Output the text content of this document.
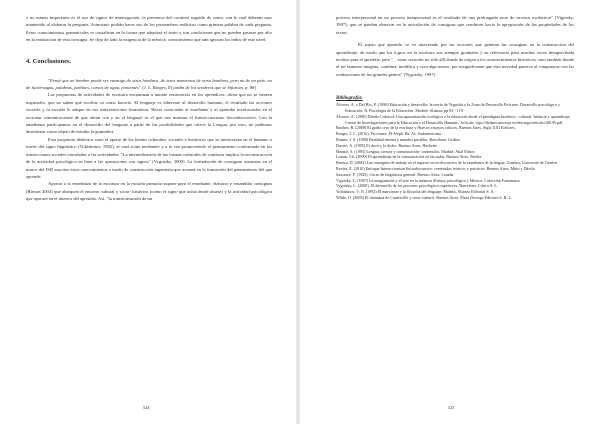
y no menos importante es el uso de signos de interrogación, la presencia del vocativo seguido de coma, con lo cual deberán usar mantenido al elaborar la pregunta. Asimismo podrán hacer uso de los pronombres enfáticos como primera palabra de cada pregunta. Estos conocimientos gramaticales se cristalizan en la forma que adoptará el texto y son condiciones que no pueden pasarse por alto en la realización de esta consigna. Se deja de lado la exigencia de la métrica, conocimiento que aún ignoran los niños de este nivel.

4. Conclusiones.

"Pensé que un hombre puede ser enemigo de otros hombres, de otros momentos de otros hombres, pero no de un país: no de luciérnagas, palabras, jardines, cursos de agua, ponientes" (J. L. Borges, El jardín de los senderos que se bifurcan, p. 88)

Las propuestas de actividades de escritura encaminan a mundo resistencias en los aprendices: dicen que no se sienten inspirados, que no saben qué escribir, ni cómo hacerlo. El lenguaje es inherente al desarrollo humano, el resultado las acciones sociales y la escuela lo adopta en sus intervenciones formativas. Hacer consciente al enseñante y al aprendiz involucrados en el accionar comunicacional de que obran con y en el lenguaje es el que nos muestra el Interaccionismo Sociodiscursivo. Con la enseñanza participamos en el desarrollo del lenguaje a partir de las posibilidades que ofrece la Lengua, por esto, no podemos desestimar como objeto de estudio la gramática.

Esta propuesta didáctica surte el aporte de los bienes culturales, sociales e históricos que se interiorizan en el humano a través del signo lingüístico (Volóshinov, 1992), el cual actúa mediando y a la vez promoviendo el pensamiento conformado en las interacciones sociales vinculadas a las actividades: "La internalización de las formas culturales de conducta implica la reconstrucción de la actividad psicológica en base a las operaciones con signos" (Vygotsky, 2000). La formulación de consignas asentaras en el marco del ISD suscitos estos conocimientos a modo de construcción ingeniería que actuará en la formación del pensamiento del que aprende.

Aportar a la enseñanza de la escritura en la escuela primaria supone para el enseñante, elaborar y ensamblar consignas (Riestra 2004) que abarquen el entorno cultural y socio- histórico (como el signo que actúa desde afuera) y la actividad psicológica que operará en el interior del aprendiz. Así, "la transformación de un

524

proceso interpersonal en un proceso intrapersonal es el resultado de una prolongada serie de sucesos evolutivos" (Vigotsky, 1997), que se pueden observar en la articulación de consignas que conducen hacia la apropiación de las propiedades de los textos.

El sujeto que aprende, se ve atravesado por las acciones que generan las consignas en la construcción del aprendizaje, de modo que los logros en la escritura son siempre graduales y su relevancia pasa muchas veces desapercibida incluso para el aprendiz, pero "…estas creación no sólo allí donde da origen a los acontecimientos históricos, sino también donde el ser humano imagina, combina, modifica y crea algo nuevo, por insignificante que esta novedad parezca al compararse con las realizaciones de los grandes genios" (Vygotsky, 1997).

Bibliografía:

Álvarez, A. y Del Río, P. (1990) Educación y desarrollo: la teoría de Vygotski y la Zona de Desarrollo Próximo. Desarrollo psicológico y Educación, II. Psicología de la Educación. Madrid: Alianza, pp.93 - 119

Álvarez, A. (1990) Diseño Cultural: Una aproximación ecológica a la educación desde el paradigma histórico - cultural. Infancia y aprendizaje. Centro de Investigaciones para la Educación y el Desarrollo Humano. Artículo. ispo://dialnet.unirioja.es/descarga/articulo/48195.pdf

Barthes, R. (2008) El grado cero de la escritura y Nuevos ensayos críticos. Buenos Aires, Siglo XXI Editores.

Borges, J. L. (2016). Ficciones. El Aleph. Bs. As. Sudamericana.

Bruner, J. S. (1988) Realidad mental y mundos posibles. Barcelona, Gedisa.

Ducrot, A. (1985) El decir y lo dicho. Buenos Aires, Hachette.

Hounie, S. (1993) Lengua, ciencia y comunicación: contenidos, Madrid: Akal Editor.

Lomas, Ch. (2000) El aprendizaje de la comunicación en las aulas. Buenos Aires, Paidós.

Riestra, D. (2004) Las consignas de trabajo en el espacio socio-discursivo de la enseñanza de la lengua. Ginebra, Université de Genève.

Rovira, E. (2010) Enfoque Interaccionista Sociodiscursivo: contenidos teóricos y prácticos. Buenos Aires, Miño y Dávila.

Saussure, F. (1945). Curso de lingüística general. Buenos Aires, Losada.

Vigotsky, L. (1997) La imaginación y el arte en la infancia (Ensayo psicológico). México: Colección Fontamara.

Vygotsky, L. (2000). El desarrollo de los procesos psicológicos superiores. Barcelona, Crítica S. L.

Volóshinov, V. N. (1992) El marxismo y la filosofía del lenguaje. Madrid, Alianza Editorial S. A.

Wilde, O. (2003) El fantasma de Canterville y otros cuentos. Buenos Aires. Plaza Dorrego Editores S. R. L.

525
